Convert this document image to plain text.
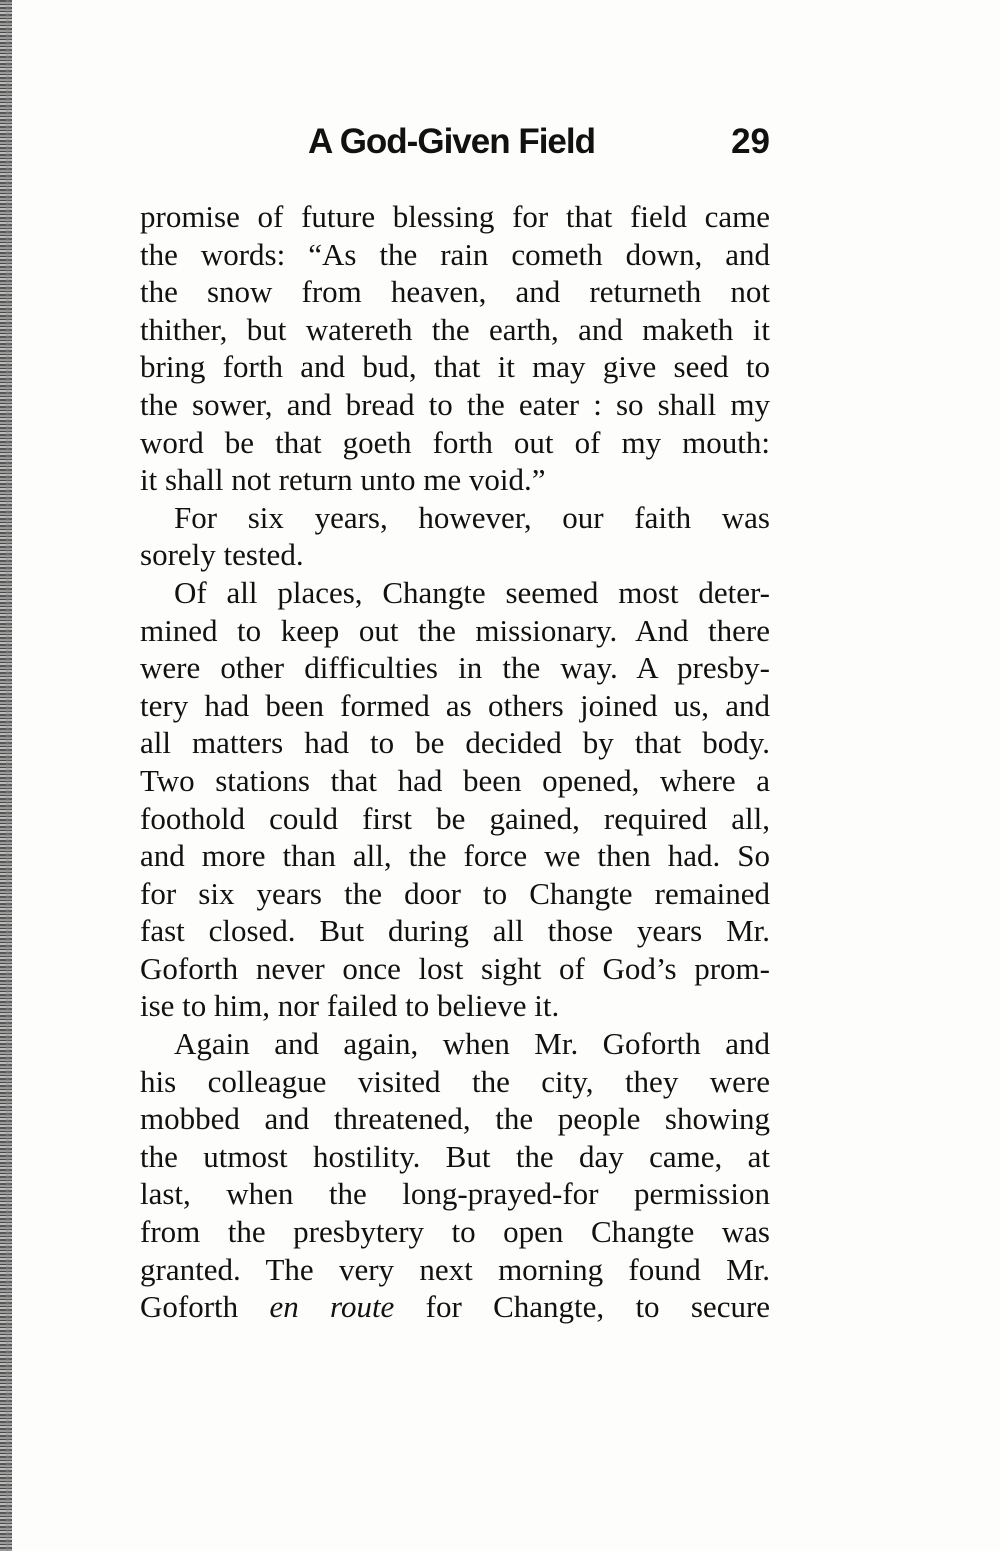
A God-Given Field	29
promise of future blessing for that field came
the words: “As the rain cometh down, and
the snow from heaven, and returneth not
thither, but watereth the earth, and maketh it
bring forth and bud, that it may give seed to
the sower, and bread to the eater : so shall my
word be that goeth forth out of my mouth:
it shall not return unto me void.”
For six years, however, our faith was
sorely tested.
Of all places, Changte seemed most deter-
mined to keep out the missionary. And there
were other difficulties in the way. A presby-
tery had been formed as others joined us, and
all matters had to be decided by that body.
Two stations that had been opened, where a
foothold could first be gained, required all,
and more than all, the force we then had. So
for six years the door to Changte remained
fast closed. But during all those years Mr.
Goforth never once lost sight of God’s prom-
ise to him, nor failed to believe it.
Again and again, when Mr. Goforth and
his colleague visited the city, they were
mobbed and threatened, the people showing
the utmost hostility. But the day came, at
last, when the long-prayed-for permission
from the presbytery to open Changte was
granted. The very next morning found Mr.
Goforth en route for Changte, to secure
